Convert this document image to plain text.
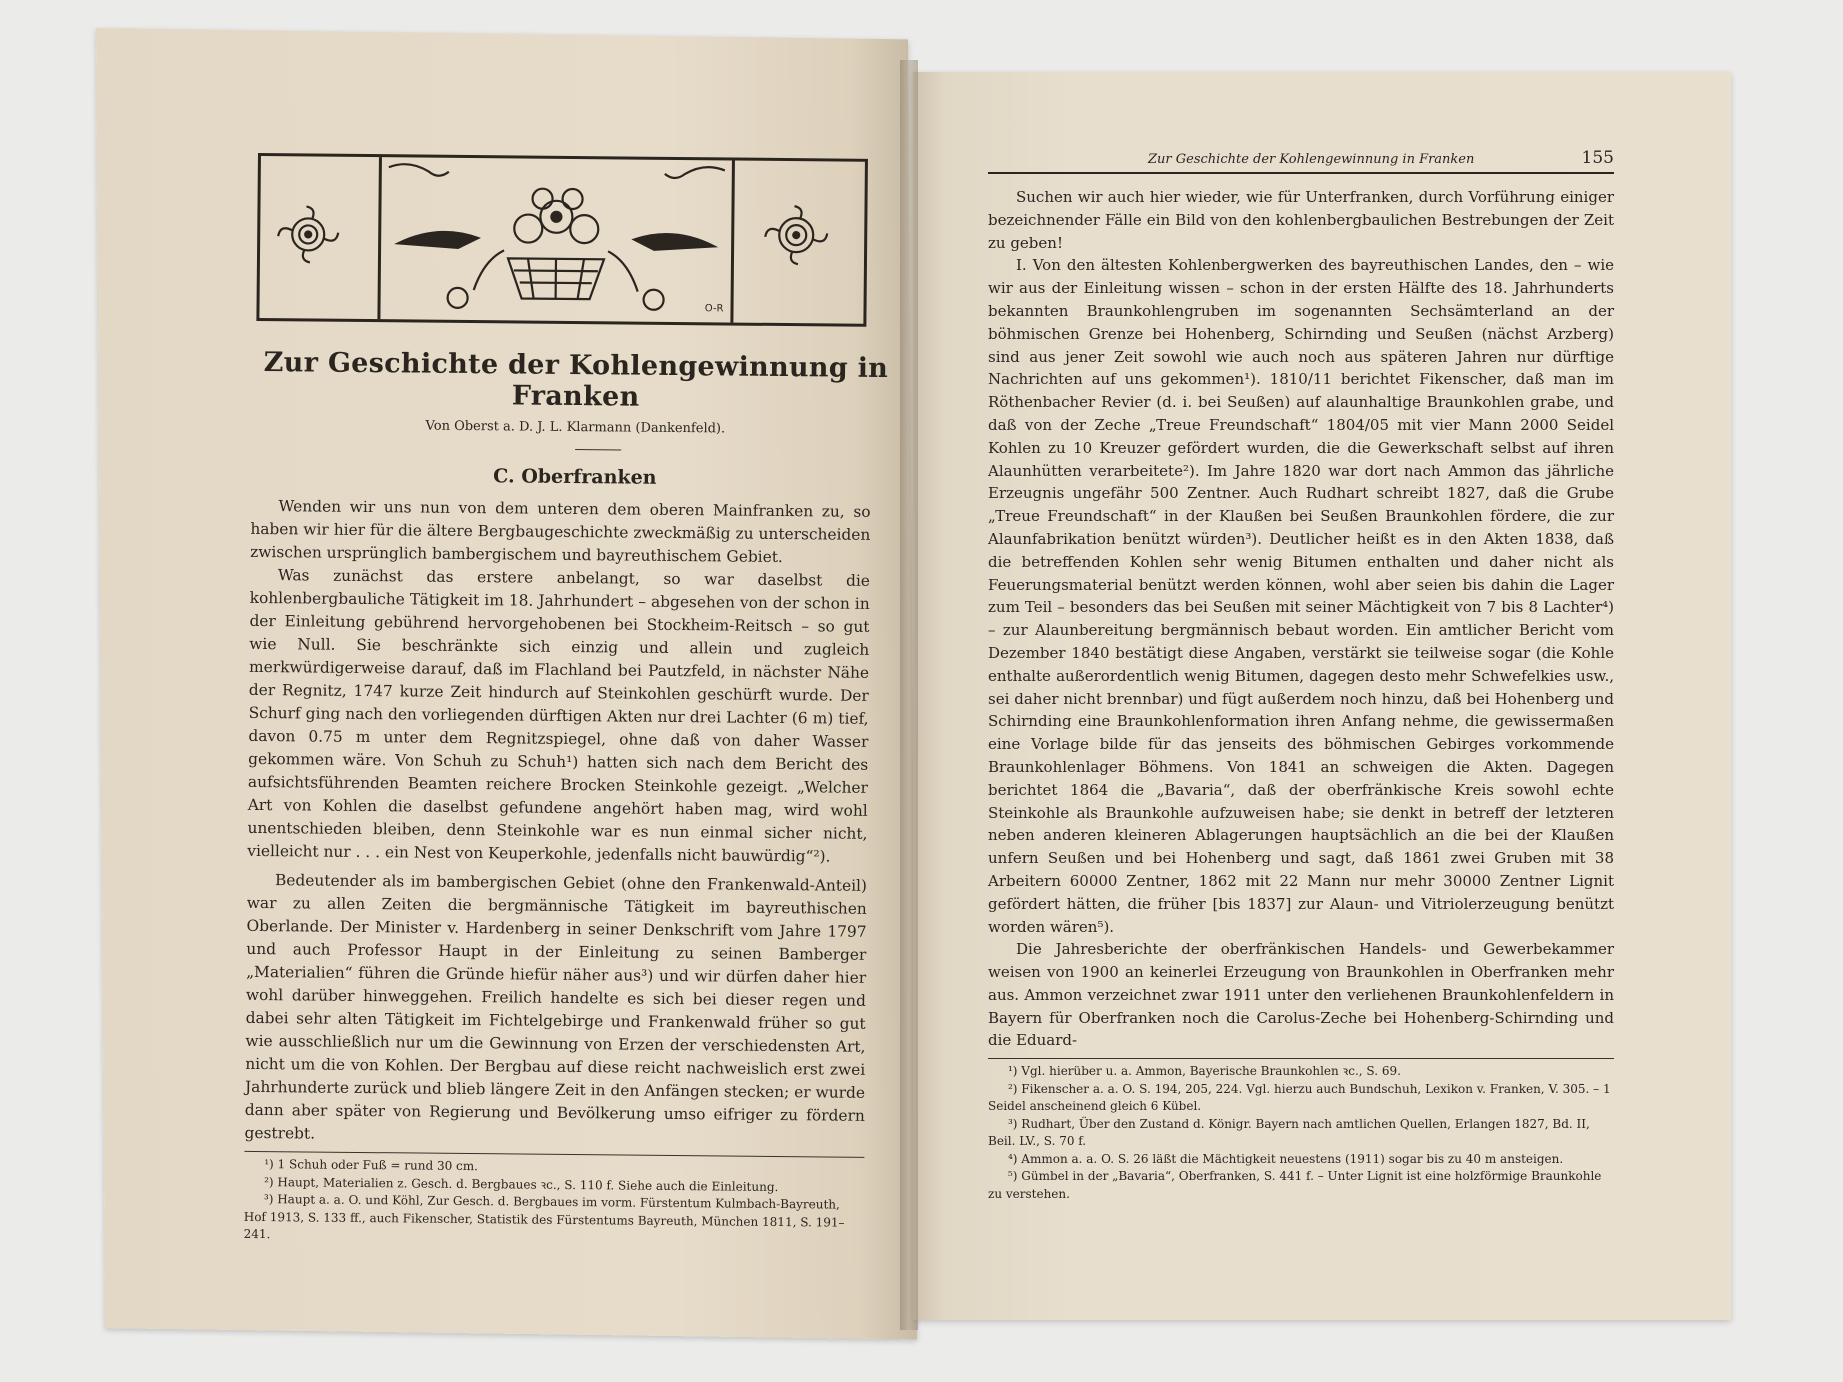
O-R
Zur Geschichte der Kohlengewinnung in Franken
Von Oberst a. D. J. L. Klarmann (Dankenfeld).
C. Oberfranken

Wenden wir uns nun von dem unteren dem oberen Mainfranken zu, so haben wir hier für die ältere Bergbaugeschichte zweckmäßig zu unterscheiden zwischen ursprünglich bambergischem und bayreuthischem Gebiet.

Was zunächst das erstere anbelangt, so war daselbst die kohlenbergbauliche Tätigkeit im 18. Jahrhundert – abgesehen von der schon in der Einleitung gebührend hervorgehobenen bei Stockheim-Reitsch – so gut wie Null. Sie beschränkte sich einzig und allein und zugleich merkwürdigerweise darauf, daß im Flachland bei Pautzfeld, in nächster Nähe der Regnitz, 1747 kurze Zeit hindurch auf Steinkohlen geschürft wurde. Der Schurf ging nach den vorliegenden dürftigen Akten nur drei Lachter (6 m) tief, davon 0.75 m unter dem Regnitzspiegel, ohne daß von daher Wasser gekommen wäre. Von Schuh zu Schuh¹) hatten sich nach dem Bericht des aufsichtsführenden Beamten reichere Brocken Steinkohle gezeigt. „Welcher Art von Kohlen die daselbst gefundene angehört haben mag, wird wohl unentschieden bleiben, denn Steinkohle war es nun einmal sicher nicht, vielleicht nur . . . ein Nest von Keuperkohle, jedenfalls nicht bauwürdig“²).

Bedeutender als im bambergischen Gebiet (ohne den Frankenwald-Anteil) war zu allen Zeiten die bergmännische Tätigkeit im bayreuthischen Oberlande. Der Minister v. Hardenberg in seiner Denkschrift vom Jahre 1797 und auch Professor Haupt in der Einleitung zu seinen Bamberger „Materialien“ führen die Gründe hiefür näher aus³) und wir dürfen daher hier wohl darüber hinweggehen. Freilich handelte es sich bei dieser regen und dabei sehr alten Tätigkeit im Fichtelgebirge und Frankenwald früher so gut wie ausschließlich nur um die Gewinnung von Erzen der verschiedensten Art, nicht um die von Kohlen. Der Bergbau auf diese reicht nachweislich erst zwei Jahrhunderte zurück und blieb längere Zeit in den Anfängen stecken; er wurde dann aber später von Regierung und Bevölkerung umso eifriger zu fördern gestrebt.

¹) 1 Schuh oder Fuß = rund 30 cm.

²) Haupt, Materialien z. Gesch. d. Bergbaues ꝛc., S. 110 f. Siehe auch die Einleitung.

³) Haupt a. a. O. und Köhl, Zur Gesch. d. Bergbaues im vorm. Fürstentum Kulmbach-Bayreuth, Hof 1913, S. 133 ff., auch Fikenscher, Statistik des Fürstentums Bayreuth, München 1811, S. 191–241.

Zur Geschichte der Kohlengewinnung in Franken	155

Suchen wir auch hier wieder, wie für Unterfranken, durch Vorführung einiger bezeichnender Fälle ein Bild von den kohlenbergbaulichen Bestrebungen der Zeit zu geben!

I. Von den ältesten Kohlenbergwerken des bayreuthischen Landes, den – wie wir aus der Einleitung wissen – schon in der ersten Hälfte des 18. Jahrhunderts bekannten Braunkohlengruben im sogenannten Sechsämterland an der böhmischen Grenze bei Hohenberg, Schirnding und Seußen (nächst Arzberg) sind aus jener Zeit sowohl wie auch noch aus späteren Jahren nur dürftige Nachrichten auf uns gekommen¹). 1810/11 berichtet Fikenscher, daß man im Röthenbacher Revier (d. i. bei Seußen) auf alaunhaltige Braunkohlen grabe, und daß von der Zeche „Treue Freundschaft“ 1804/05 mit vier Mann 2000 Seidel Kohlen zu 10 Kreuzer gefördert wurden, die die Gewerkschaft selbst auf ihren Alaunhütten verarbeitete²). Im Jahre 1820 war dort nach Ammon das jährliche Erzeugnis ungefähr 500 Zentner. Auch Rudhart schreibt 1827, daß die Grube „Treue Freundschaft“ in der Klaußen bei Seußen Braunkohlen fördere, die zur Alaunfabrikation benützt würden³). Deutlicher heißt es in den Akten 1838, daß die betreffenden Kohlen sehr wenig Bitumen enthalten und daher nicht als Feuerungsmaterial benützt werden können, wohl aber seien bis dahin die Lager zum Teil – besonders das bei Seußen mit seiner Mächtigkeit von 7 bis 8 Lachter⁴) – zur Alaunbereitung bergmännisch bebaut worden. Ein amtlicher Bericht vom Dezember 1840 bestätigt diese Angaben, verstärkt sie teilweise sogar (die Kohle enthalte außerordentlich wenig Bitumen, dagegen desto mehr Schwefelkies usw., sei daher nicht brennbar) und fügt außerdem noch hinzu, daß bei Hohenberg und Schirnding eine Braunkohlenformation ihren Anfang nehme, die gewissermaßen eine Vorlage bilde für das jenseits des böhmischen Gebirges vorkommende Braunkohlenlager Böhmens. Von 1841 an schweigen die Akten. Dagegen berichtet 1864 die „Bavaria“, daß der oberfränkische Kreis sowohl echte Steinkohle als Braunkohle aufzuweisen habe; sie denkt in betreff der letzteren neben anderen kleineren Ablagerungen hauptsächlich an die bei der Klaußen unfern Seußen und bei Hohenberg und sagt, daß 1861 zwei Gruben mit 38 Arbeitern 60000 Zentner, 1862 mit 22 Mann nur mehr 30000 Zentner Lignit gefördert hätten, die früher [bis 1837] zur Alaun- und Vitriolerzeugung benützt worden wären⁵).

Die Jahresberichte der oberfränkischen Handels- und Gewerbekammer weisen von 1900 an keinerlei Erzeugung von Braunkohlen in Oberfranken mehr aus. Ammon verzeichnet zwar 1911 unter den verliehenen Braunkohlenfeldern in Bayern für Oberfranken noch die Carolus-Zeche bei Hohenberg-Schirnding und die Eduard-

¹) Vgl. hierüber u. a. Ammon, Bayerische Braunkohlen ꝛc., S. 69.

²) Fikenscher a. a. O. S. 194, 205, 224. Vgl. hierzu auch Bundschuh, Lexikon v. Franken, V. 305. – 1 Seidel anscheinend gleich 6 Kübel.

³) Rudhart, Über den Zustand d. Königr. Bayern nach amtlichen Quellen, Erlangen 1827, Bd. II, Beil. LV., S. 70 f.

⁴) Ammon a. a. O. S. 26 läßt die Mächtigkeit neuestens (1911) sogar bis zu 40 m ansteigen.

⁵) Gümbel in der „Bavaria“, Oberfranken, S. 441 f. – Unter Lignit ist eine holzförmige Braunkohle zu verstehen.
